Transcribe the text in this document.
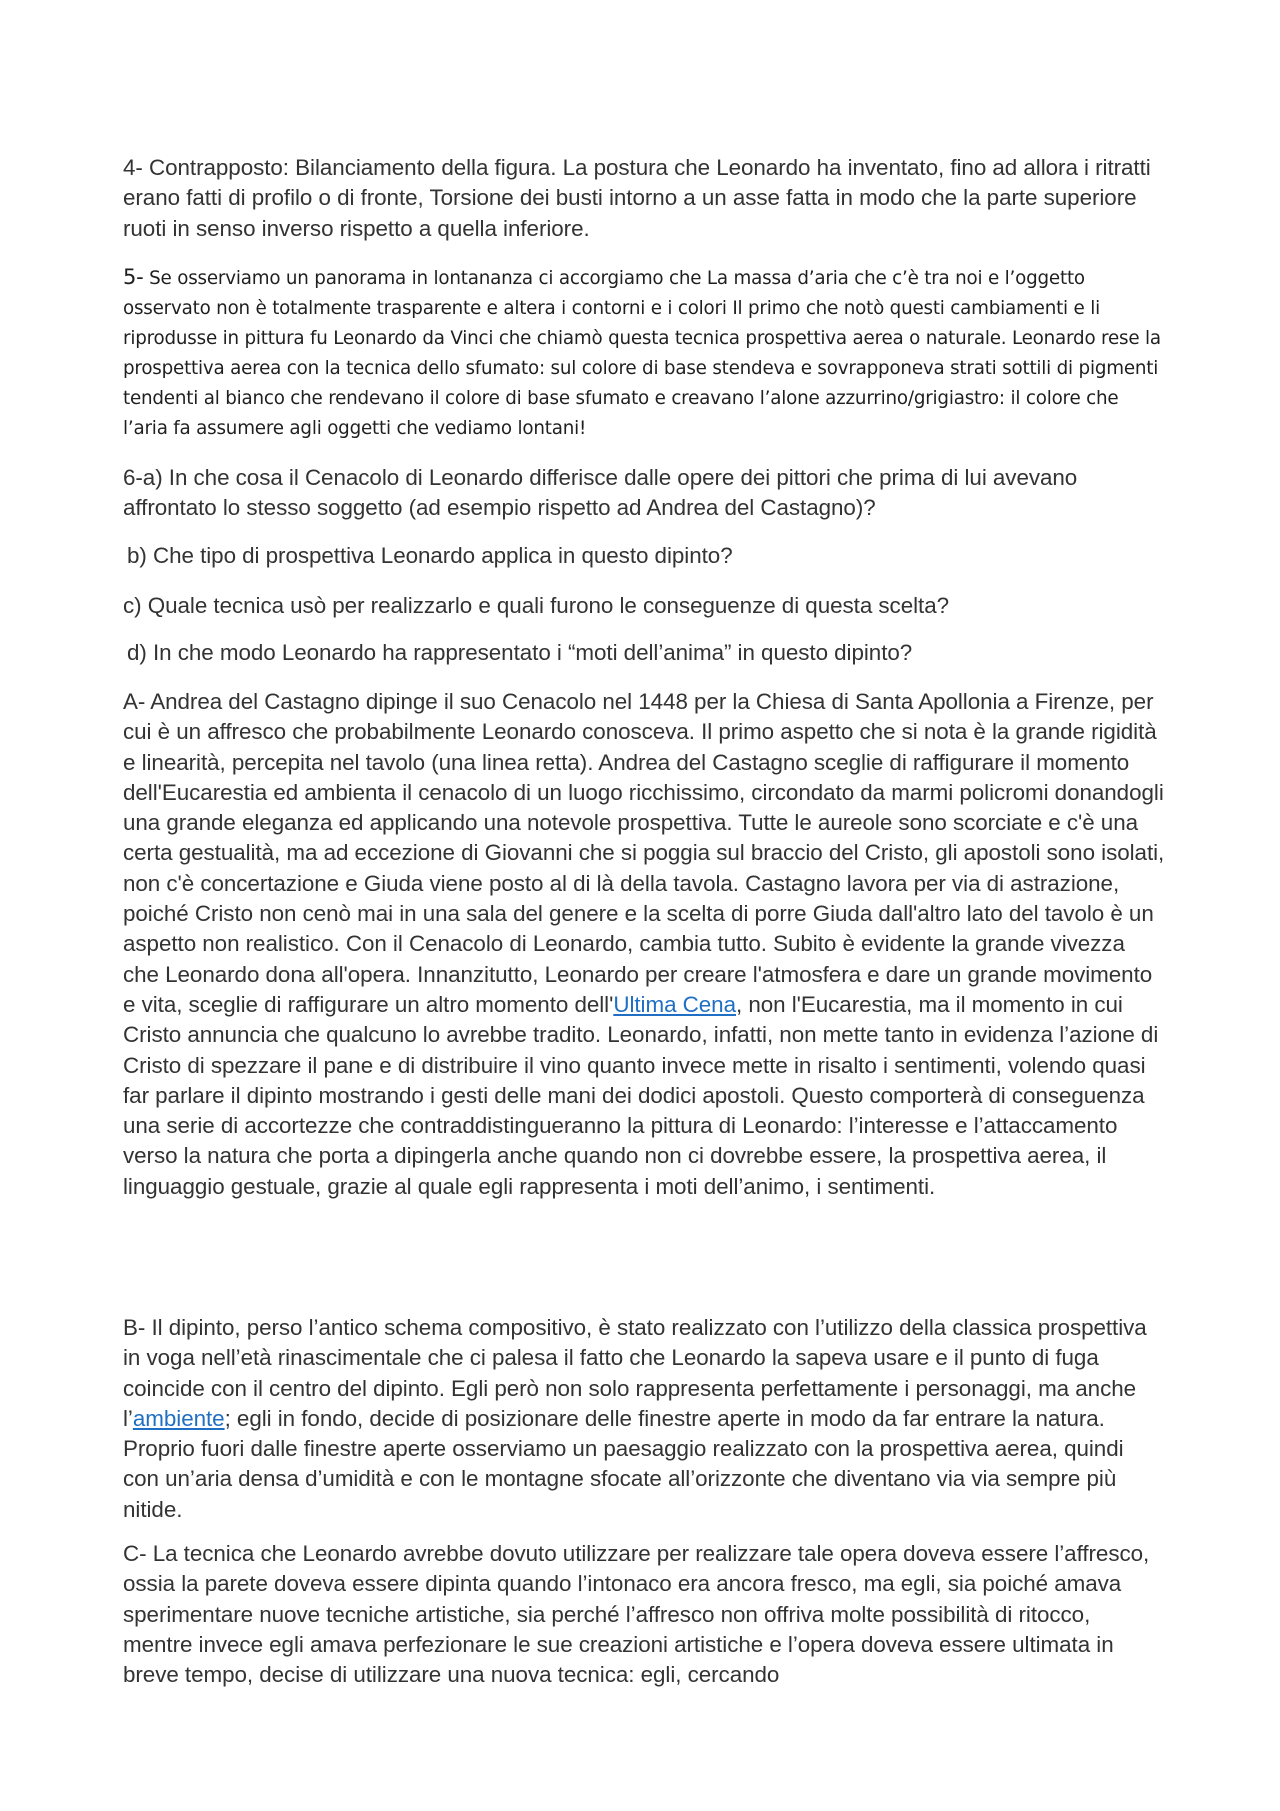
4- Contrapposto: Bilanciamento della figura. La postura che Leonardo ha inventato, fino ad allora i ritratti erano fatti di profilo o di fronte, Torsione dei busti intorno a un asse fatta in modo che la parte superiore ruoti in senso inverso rispetto a quella inferiore.

5- Se osserviamo un panorama in lontananza ci accorgiamo che La massa d’aria che c’è tra noi e l’oggetto osservato non è totalmente trasparente e altera i contorni e i colori Il primo che notò questi cambiamenti e li riprodusse in pittura fu Leonardo da Vinci che chiamò questa tecnica prospettiva aerea o naturale. Leonardo rese la prospettiva aerea con la tecnica dello sfumato: sul colore di base stendeva e sovrapponeva strati sottili di pigmenti tendenti al bianco che rendevano il colore di base sfumato e creavano l’alone azzurrino/grigiastro: il colore che l’aria fa assumere agli oggetti che vediamo lontani!

6-a) In che cosa il Cenacolo di Leonardo differisce dalle opere dei pittori che prima di lui avevano affrontato lo stesso soggetto (ad esempio rispetto ad Andrea del Castagno)?

b) Che tipo di prospettiva Leonardo applica in questo dipinto?

c) Quale tecnica usò per realizzarlo e quali furono le conseguenze di questa scelta?

d) In che modo Leonardo ha rappresentato i “moti dell’anima” in questo dipinto?

A- Andrea del Castagno dipinge il suo Cenacolo nel 1448 per la Chiesa di Santa Apollonia a Firenze, per cui è un affresco che probabilmente Leonardo conosceva. Il primo aspetto che si nota è la grande rigidità e linearità, percepita nel tavolo (una linea retta). Andrea del Castagno sceglie di raffigurare il momento dell'Eucarestia ed ambienta il cenacolo di un luogo ricchissimo, circondato da marmi policromi donandogli una grande eleganza ed applicando una notevole prospettiva. Tutte le aureole sono scorciate e c'è una certa gestualità, ma ad eccezione di Giovanni che si poggia sul braccio del Cristo, gli apostoli sono isolati, non c'è concertazione e Giuda viene posto al di là della tavola. Castagno lavora per via di astrazione, poiché Cristo non cenò mai in una sala del genere e la scelta di porre Giuda dall'altro lato del tavolo è un aspetto non realistico. Con il Cenacolo di Leonardo, cambia tutto. Subito è evidente la grande vivezza che Leonardo dona all'opera. Innanzitutto, Leonardo per creare l'atmosfera e dare un grande movimento e vita, sceglie di raffigurare un altro momento dell'Ultima Cena, non l'Eucarestia, ma il momento in cui Cristo annuncia che qualcuno lo avrebbe tradito. Leonardo, infatti, non mette tanto in evidenza l’azione di Cristo di spezzare il pane e di distribuire il vino quanto invece mette in risalto i sentimenti, volendo quasi far parlare il dipinto mostrando i gesti delle mani dei dodici apostoli. Questo comporterà di conseguenza una serie di accortezze che contraddistingueranno la pittura di Leonardo: l’interesse e l’attaccamento verso la natura che porta a dipingerla anche quando non ci dovrebbe essere, la prospettiva aerea, il linguaggio gestuale, grazie al quale egli rappresenta i moti dell’animo, i sentimenti.

B- Il dipinto, perso l’antico schema compositivo, è stato realizzato con l’utilizzo della classica prospettiva in voga nell’età rinascimentale che ci palesa il fatto che Leonardo la sapeva usare e il punto di fuga coincide con il centro del dipinto. Egli però non solo rappresenta perfettamente i personaggi, ma anche l’ambiente; egli in fondo, decide di posizionare delle finestre aperte in modo da far entrare la natura. Proprio fuori dalle finestre aperte osserviamo un paesaggio realizzato con la prospettiva aerea, quindi con un’aria densa d’umidità e con le montagne sfocate all’orizzonte che diventano via via sempre più nitide.

C- La tecnica che Leonardo avrebbe dovuto utilizzare per realizzare tale opera doveva essere l’affresco, ossia la parete doveva essere dipinta quando l’intonaco era ancora fresco, ma egli, sia poiché amava sperimentare nuove tecniche artistiche, sia perché l’affresco non offriva molte possibilità di ritocco, mentre invece egli amava perfezionare le sue creazioni artistiche e l’opera doveva essere ultimata in breve tempo, decise di utilizzare una nuova tecnica: egli, cercando
